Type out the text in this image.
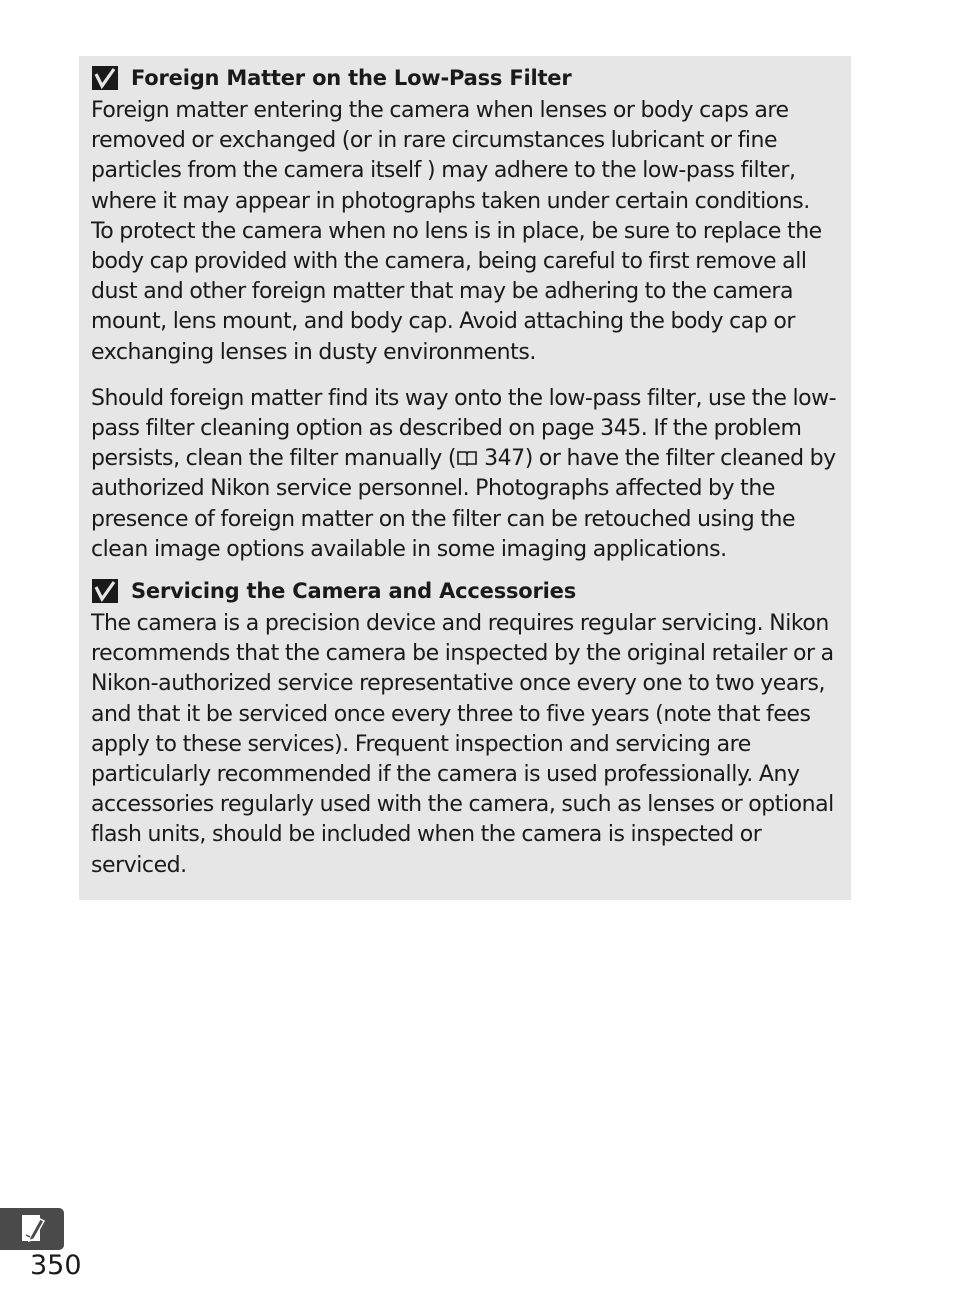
Foreign Matter on the Low-Pass Filter

Foreign matter entering the camera when lenses or body caps are removed or exchanged (or in rare circumstances lubricant or fine particles from the camera itself ) may adhere to the low-pass filter, where it may appear in photographs taken under certain conditions. To protect the camera when no lens is in place, be sure to replace the body cap provided with the camera, being careful to first remove all dust and other foreign matter that may be adhering to the camera mount, lens mount, and body cap. Avoid attaching the body cap or exchanging lenses in dusty environments.

Should foreign matter find its way onto the low-pass filter, use the low-pass filter cleaning option as described on page 345. If the problem persists, clean the filter manually ( 347) or have the filter cleaned by authorized Nikon service personnel. Photographs affected by the presence of foreign matter on the filter can be retouched using the clean image options available in some imaging applications.

Servicing the Camera and Accessories

The camera is a precision device and requires regular servicing. Nikon recommends that the camera be inspected by the original retailer or a Nikon-authorized service representative once every one to two years, and that it be serviced once every three to five years (note that fees apply to these services). Frequent inspection and servicing are particularly recommended if the camera is used professionally. Any accessories regularly used with the camera, such as lenses or optional flash units, should be included when the camera is inspected or serviced.

350
